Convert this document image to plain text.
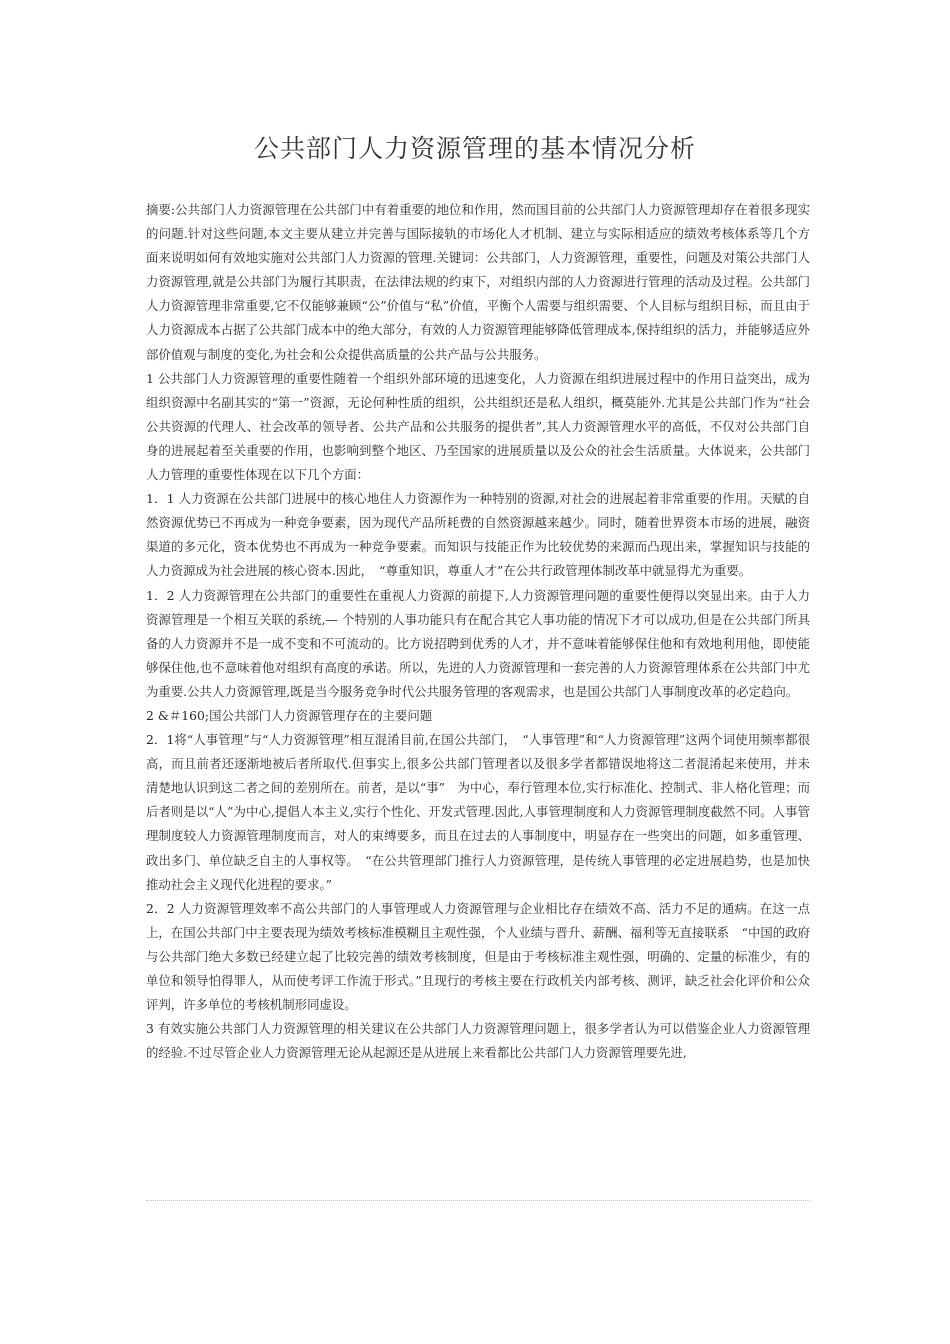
公共部门人力资源管理的基本情况分析

摘要:公共部门人力资源管理在公共部门中有着重要的地位和作用，然而国目前的公共部门人力资源管理却存在着很多现实的问题.针对这些问题,本文主要从建立并完善与国际接轨的市场化人才机制、建立与实际相适应的绩效考核体系等几个方面来说明如何有效地实施对公共部门人力资源的管理.关键词：公共部门，人力资源管理，重要性，问题及对策公共部门人力资源管理,就是公共部门为履行其职责，在法律法规的约束下，对组织内部的人力资源进行管理的活动及过程。公共部门人力资源管理非常重要,它不仅能够兼顾“公”价值与“私”价值，平衡个人需要与组织需要、个人目标与组织目标，而且由于人力资源成本占据了公共部门成本中的绝大部分，有效的人力资源管理能够降低管理成本,保持组织的活力，并能够适应外部价值观与制度的变化,为社会和公众提供高质量的公共产品与公共服务。

1 公共部门人力资源管理的重要性随着一个组织外部环境的迅速变化，人力资源在组织进展过程中的作用日益突出，成为组织资源中名副其实的“第一”资源，无论何种性质的组织，公共组织还是私人组织，概莫能外.尤其是公共部门作为“社会公共资源的代理人、社会改革的领导者、公共产品和公共服务的提供者”,其人力资源管理水平的高低，不仅对公共部门自身的进展起着至关重要的作用，也影响到整个地区、乃至国家的进展质量以及公众的社会生活质量。大体说来，公共部门人力管理的重要性体现在以下几个方面：

1．1 人力资源在公共部门进展中的核心地住人力资源作为一种特别的资源,对社会的进展起着非常重要的作用。天赋的自然资源优势已不再成为一种竞争要素，因为现代产品所耗费的自然资源越来越少。同时，随着世界资本市场的进展，融资渠道的多元化，资本优势也不再成为一种竞争要素。而知识与技能正作为比较优势的来源而凸现出来，掌握知识与技能的人力资源成为社会进展的核心资本.因此，　“尊重知识，尊重人才”在公共行政管理体制改革中就显得尤为重要。

1．2 人力资源管理在公共部门的重要性在重视人力资源的前提下,人力资源管理问题的重要性便得以突显出来。由于人力资源管理是一个相互关联的系统,— 个特别的人事功能只有在配合其它人事功能的情况下才可以成功,但是在公共部门所具备的人力资源并不是一成不变和不可流动的。比方说招聘到优秀的人才，并不意味着能够保住他和有效地利用他，即使能够保住他,也不意味着他对组织有高度的承诺。所以，先进的人力资源管理和一套完善的人力资源管理体系在公共部门中尤为重要.公共人力资源管理,既是当今服务竞争时代公共服务管理的客观需求，也是国公共部门人事制度改革的必定趋向。

2 &＃160;国公共部门人力资源管理存在的主要问题

2．1将“人事管理”与“人力资源管理”相互混淆目前,在国公共部门，　“人事管理”和“人力资源管理”这两个词使用频率都很高，而且前者还逐渐地被后者所取代.但事实上,很多公共部门管理者以及很多学者都错误地将这二者混淆起来使用，并未清楚地认识到这二者之间的差别所在。前者，是以“事”　为中心，奉行管理本位,实行标准化、控制式、非人格化管理；而后者则是以“人”为中心,提倡人本主义,实行个性化、开发式管理.因此,人事管理制度和人力资源管理制度截然不同。人事管理制度较人力资源管理制度而言，对人的束缚要多，而且在过去的人事制度中，明显存在一些突出的问题，如多重管理、政出多门、单位缺乏自主的人事权等。　“在公共管理部门推行人力资源管理，是传统人事管理的必定进展趋势，也是加快推动社会主义现代化进程的要求。”

2．2 人力资源管理效率不高公共部门的人事管理或人力资源管理与企业相比存在绩效不高、活力不足的通病。在这一点上，在国公共部门中主要表现为绩效考核标准模糊且主观性强，个人业绩与晋升、薪酬、福利等无直接联系　“中国的政府与公共部门绝大多数已经建立起了比较完善的绩效考核制度，但是由于考核标准主观性强，明确的、定量的标准少，有的单位和领导怕得罪人，从而使考评工作流于形式。”且现行的考核主要在行政机关内部考核、测评，缺乏社会化评价和公众评判，许多单位的考核机制形同虚设。

3 有效实施公共部门人力资源管理的相关建议在公共部门人力资源管理问题上，很多学者认为可以借鉴企业人力资源管理的经验.不过尽管企业人力资源管理无论从起源还是从进展上来看都比公共部门人力资源管理要先进,
